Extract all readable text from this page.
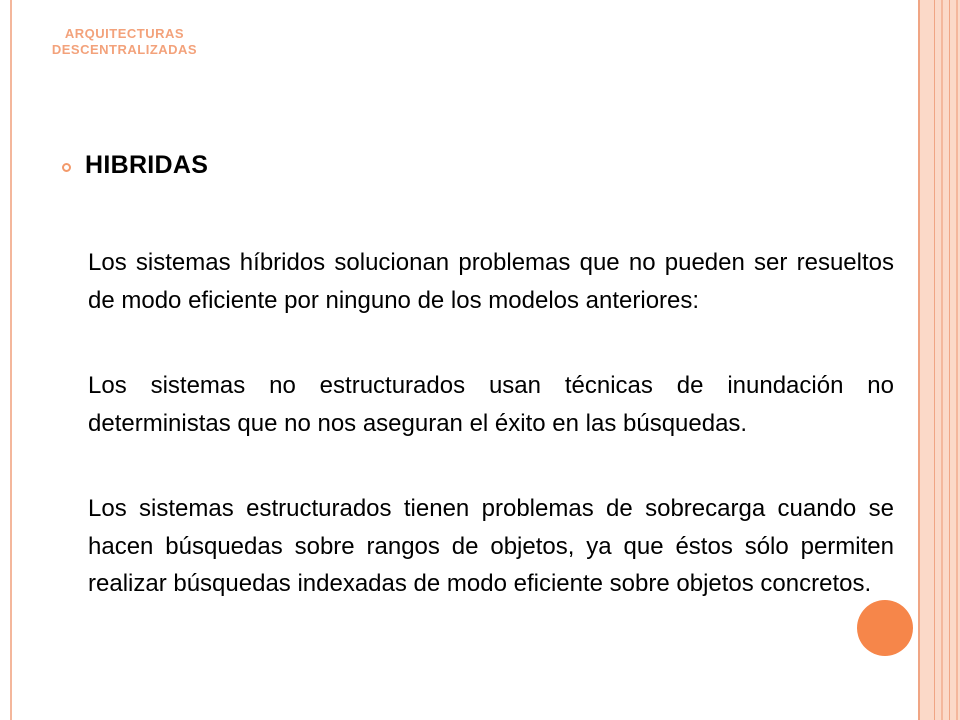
ARQUITECTURAS
DESCENTRALIZADAS
HIBRIDAS

Los sistemas híbridos solucionan problemas que no pueden ser resueltos de modo eficiente por ninguno de los modelos anteriores:

Los sistemas no estructurados usan técnicas de inundación no deterministas que no nos aseguran el éxito en las búsquedas.

Los sistemas estructurados tienen problemas de sobrecarga cuando se hacen búsquedas sobre rangos de objetos, ya que éstos sólo permiten realizar búsquedas indexadas de modo eficiente sobre objetos concretos.
